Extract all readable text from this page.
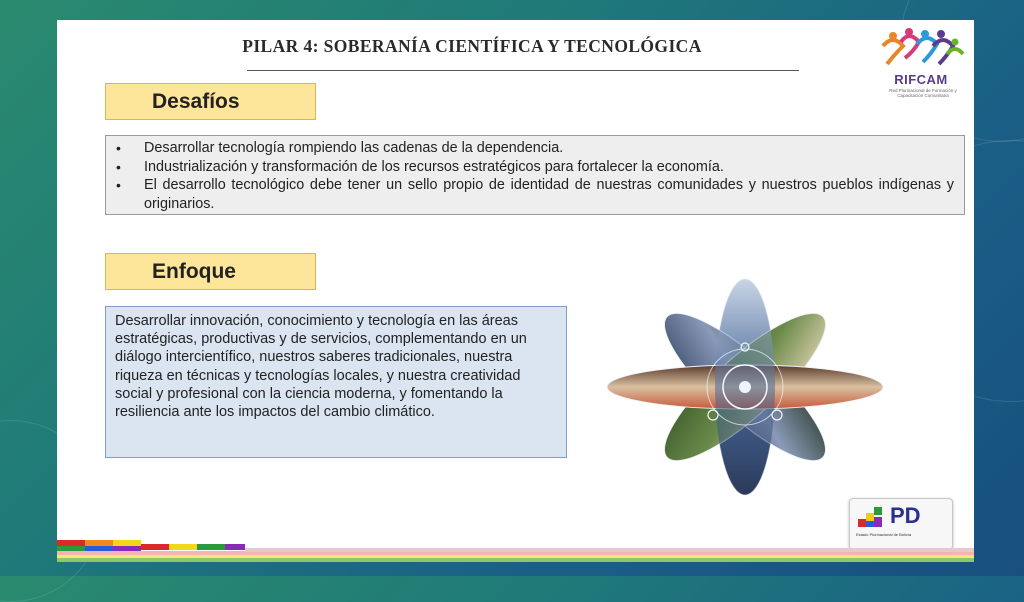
PILAR 4: SOBERANÍA CIENTÍFICA Y TECNOLÓGICA
RIFCAM
Red Plurinacional de Formación y Capacitación Comunitaria
Desafíos
• Desarrollar tecnología rompiendo las cadenas de la dependencia.
• Industrialización y transformación de los recursos estratégicos para fortalecer la economía.
• El desarrollo tecnológico debe tener un sello propio de identidad de nuestras comunidades y nuestros pueblos indígenas y originarios.
Enfoque
Desarrollar innovación, conocimiento y tecnología en las áreas estratégicas, productivas y de servicios, complementando en un diálogo intercientífico, nuestros saberes tradicionales, nuestra riqueza en técnicas y tecnologías locales, y nuestra creatividad social y profesional con la ciencia moderna, y fomentando la resiliencia ante los impactos del cambio climático.
PD
Estado Plurinacional de Bolivia
